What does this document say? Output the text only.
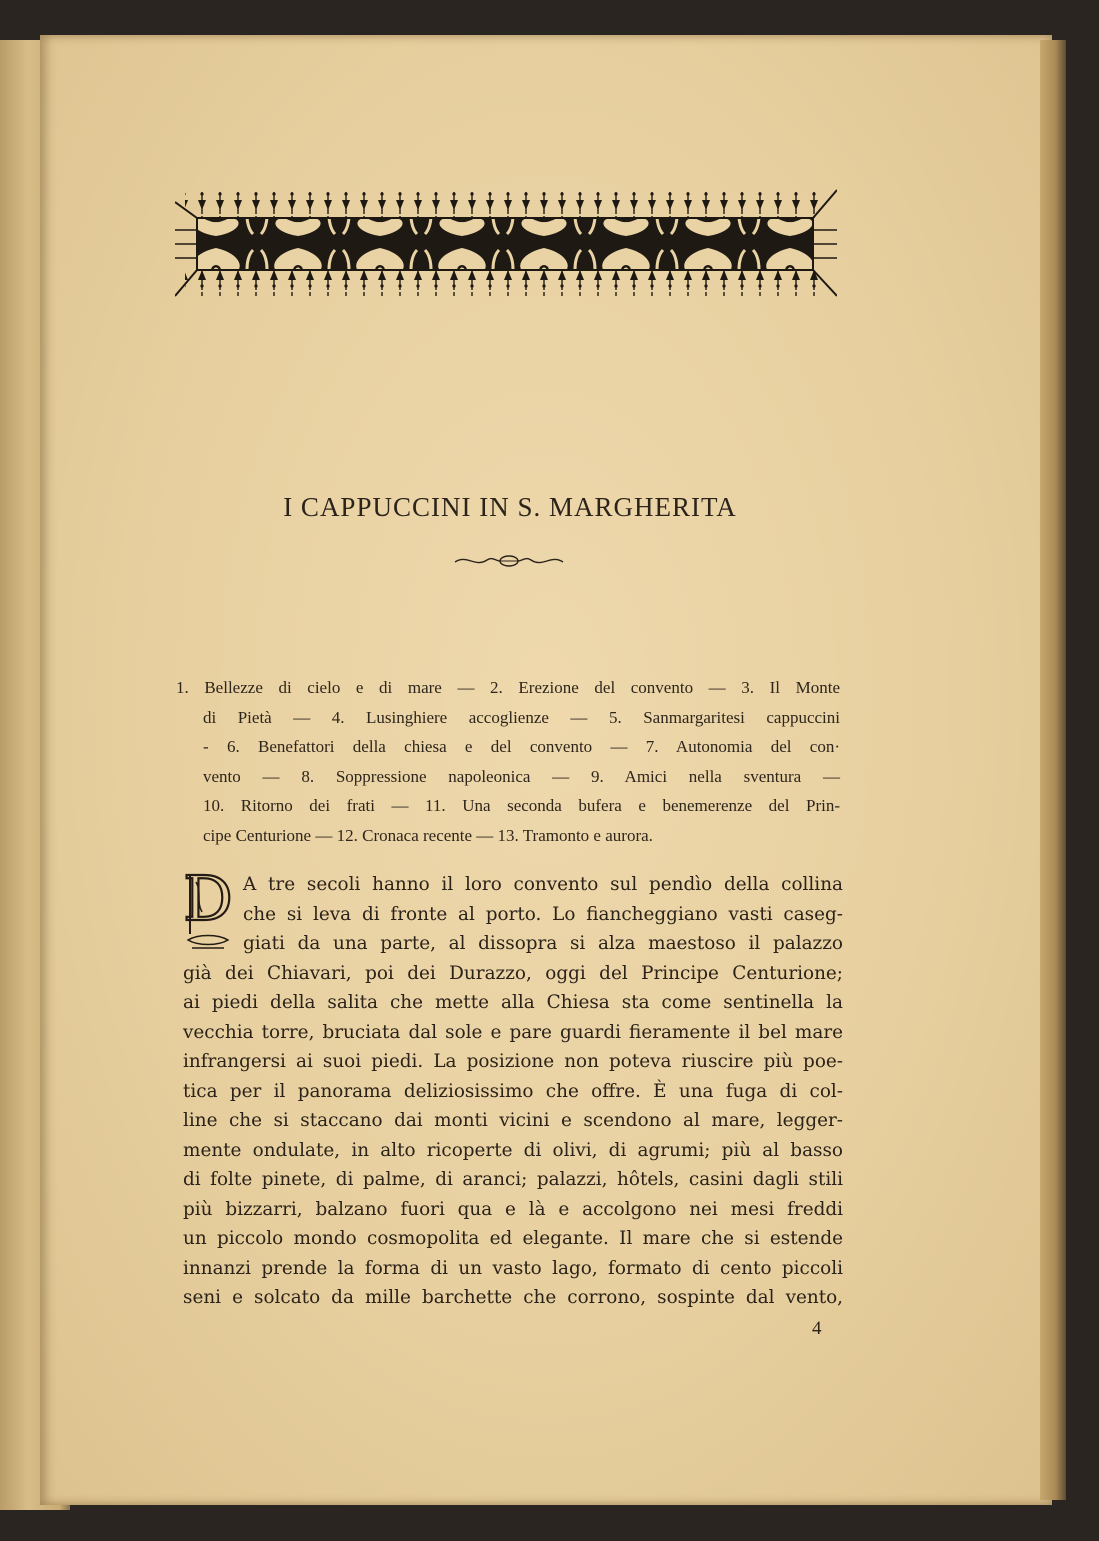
I CAPPUCCINI IN S. MARGHERITA

1. Bellezze di cielo e di mare — 2. Erezione del convento — 3. Il Monte

di Pietà — 4. Lusinghiere accoglienze — 5. Sanmargaritesi cappuccini

- 6. Benefattori della chiesa e del convento — 7. Autonomia del con·

vento — 8. Soppressione napoleonica — 9. Amici nella sventura —

10. Ritorno dei frati — 11. Una seconda bufera e benemerenze del Prin-

cipe Centurione — 12. Cronaca recente — 13. Tramonto e aurora.

D A tre secoli hanno il loro convento sul pendìo della collina
che si leva di fronte al porto. Lo fiancheggiano vasti caseg-
giati da una parte, al dissopra si alza maestoso il palazzo
già dei Chiavari, poi dei Durazzo, oggi del Principe Centurione;
ai piedi della salita che mette alla Chiesa sta come sentinella la
vecchia torre, bruciata dal sole e pare guardi fieramente il bel mare
infrangersi ai suoi piedi. La posizione non poteva riuscire più poe-
tica per il panorama deliziosissimo che offre. È una fuga di col-
line che si staccano dai monti vicini e scendono al mare, legger-
mente ondulate, in alto ricoperte di olivi, di agrumi; più al basso
di folte pinete, di palme, di aranci; palazzi, hôtels, casini dagli stili
più bizzarri, balzano fuori qua e là e accolgono nei mesi freddi
un piccolo mondo cosmopolita ed elegante. Il mare che si estende
innanzi prende la forma di un vasto lago, formato di cento piccoli
seni e solcato da mille barchette che corrono, sospinte dal vento,
4
